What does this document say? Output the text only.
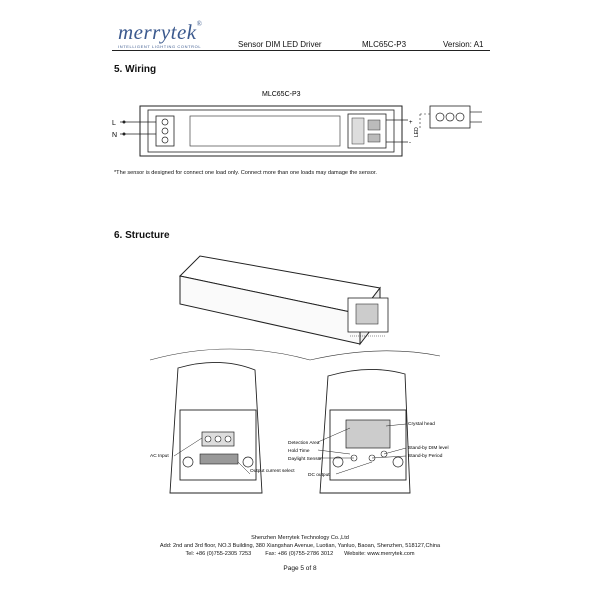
merrytek®
INTELLIGENT LIGHTING CONTROL	Sensor DIM LED Driver	MLC65C-P3	Version: A1
5. Wiring
MLC65C-P3
L
N
+
-
LED
*The sensor is designed for connect one load only. Connect more than one loads may damage the sensor.
6. Structure
AC Input
Output current select
Detection Area
Hold Time
Daylight Sensor
DC output
Crystal head
Stand-by DIM level
Stand-by Period
Shenzhen Merrytek Technology Co.,Ltd
Add: 2nd and 3rd floor, NO.3 Building, 380 Xiangshan Avenue, Luotian, Yanluo, Baoan, Shenzhen, 518127,China
Tel: +86 (0)755-2305 7253	Fax: +86 (0)755-2786 3012 Website: www.merrytek.com
Page 5 of 8
